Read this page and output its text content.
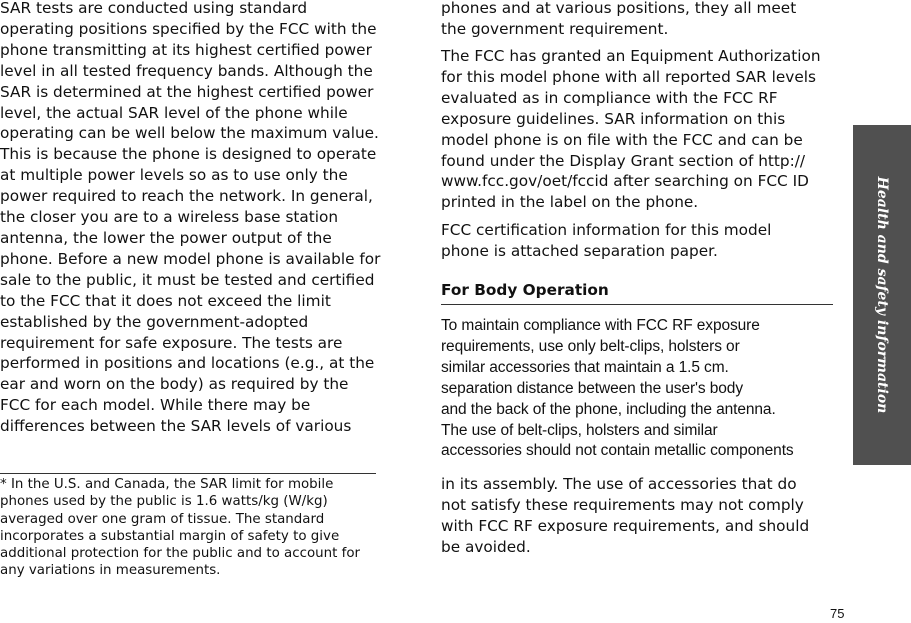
SAR tests are conducted using standard
operating positions specified by the FCC with the
phone transmitting at its highest certified power
level in all tested frequency bands. Although the
SAR is determined at the highest certified power
level, the actual SAR level of the phone while
operating can be well below the maximum value.
This is because the phone is designed to operate
at multiple power levels so as to use only the
power required to reach the network. In general,
the closer you are to a wireless base station
antenna, the lower the power output of the
phone. Before a new model phone is available for
sale to the public, it must be tested and certified
to the FCC that it does not exceed the limit
established by the government-adopted
requirement for safe exposure. The tests are
performed in positions and locations (e.g., at the
ear and worn on the body) as required by the
FCC for each model. While there may be
differences between the SAR levels of various

* In the U.S. and Canada, the SAR limit for mobile
phones used by the public is 1.6 watts/kg (W/kg)
averaged over one gram of tissue. The standard
incorporates a substantial margin of safety to give
additional protection for the public and to account for
any variations in measurements.

phones and at various positions, they all meet
the government requirement.

The FCC has granted an Equipment Authorization
for this model phone with all reported SAR levels
evaluated as in compliance with the FCC RF
exposure guidelines. SAR information on this
model phone is on file with the FCC and can be
found under the Display Grant section of http://
www.fcc.gov/oet/fccid after searching on FCC ID
printed in the label on the phone.

FCC certification information for this model
phone is attached separation paper.

For Body Operation

To maintain compliance with FCC RF exposure
requirements, use only belt-clips, holsters or
similar accessories that maintain a 1.5 cm.
separation distance between the user's body
and the back of the phone, including the antenna.
The use of belt-clips, holsters and similar
accessories should not contain metallic components

in its assembly. The use of accessories that do
not satisfy these requirements may not comply
with FCC RF exposure requirements, and should
be avoided.

Health and safety information
75
